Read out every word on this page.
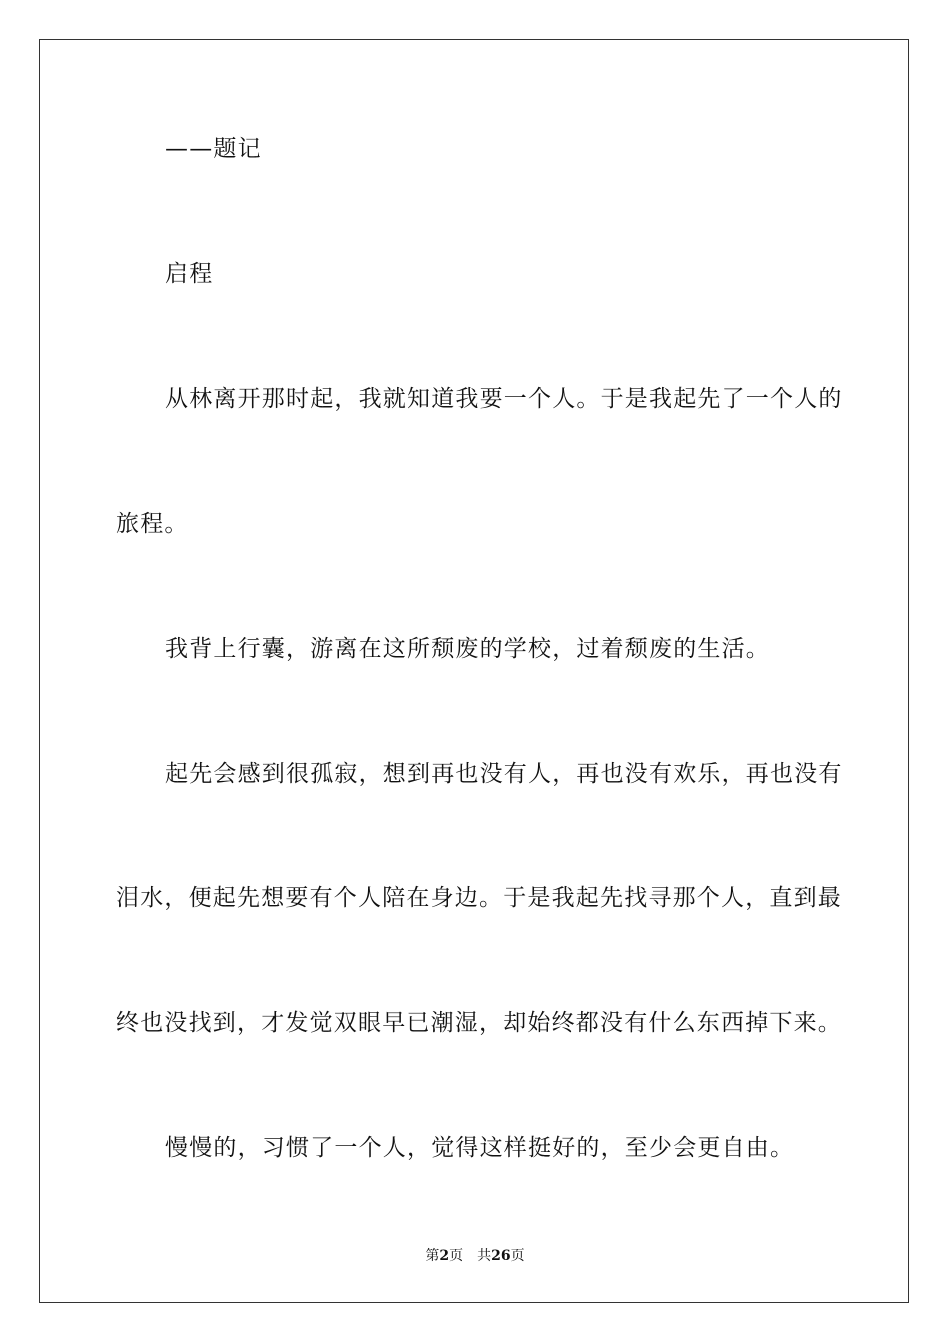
——题记
启程
从林离开那时起，我就知道我要一个人。于是我起先了一个人的
旅程。
我背上行囊，游离在这所颓废的学校，过着颓废的生活。
起先会感到很孤寂，想到再也没有人，再也没有欢乐，再也没有
泪水，便起先想要有个人陪在身边。于是我起先找寻那个人，直到最
终也没找到，才发觉双眼早已潮湿，却始终都没有什么东西掉下来。
慢慢的，习惯了一个人，觉得这样挺好的，至少会更自由。
第2页 共26页
